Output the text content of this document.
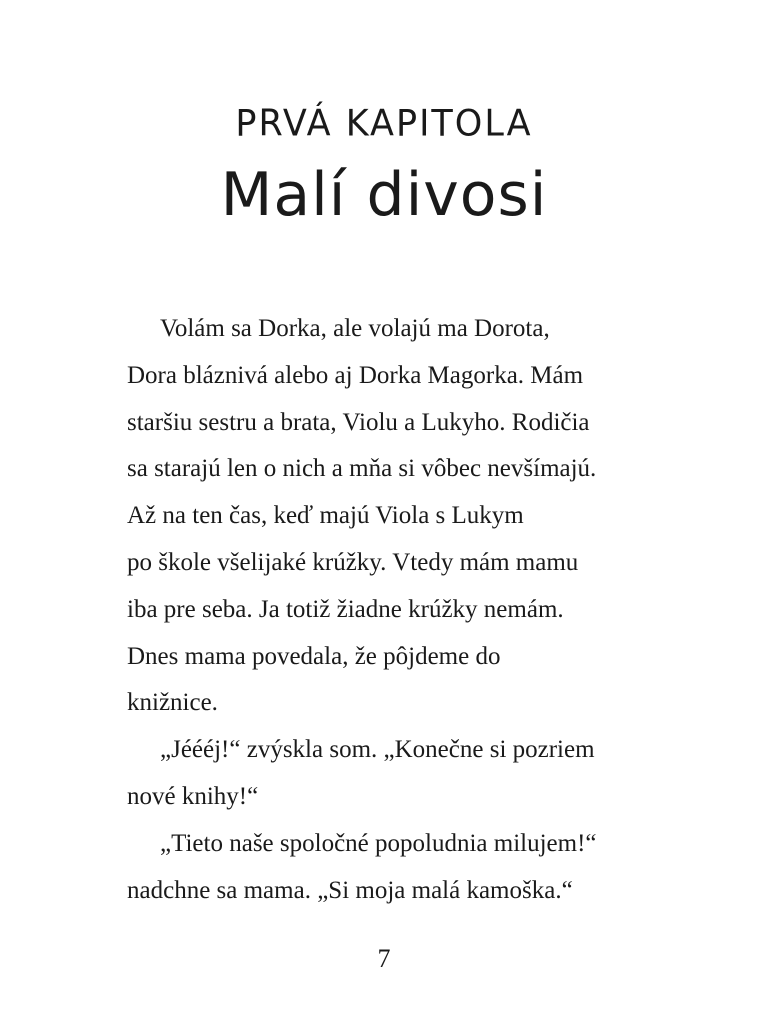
PRVÁ KAPITOLA
Malí divosi

Volám sa Dorka, ale volajú ma Dorota,
Dora bláznivá alebo aj Dorka Magorka. Mám
staršiu sestru a brata, Violu a Lukyho. Rodičia
sa starajú len o nich a mňa si vôbec nevšímajú.
Až na ten čas, keď majú Viola s Lukym
po škole všelijaké krúžky. Vtedy mám mamu
iba pre seba. Ja totiž žiadne krúžky nemám.
Dnes mama povedala, že pôjdeme do
knižnice.

„Jéééj!“ zvýskla som. „Konečne si pozriem
nové knihy!“

„Tieto naše spoločné popoludnia milujem!“
nadchne sa mama. „Si moja malá kamoška.“

7
